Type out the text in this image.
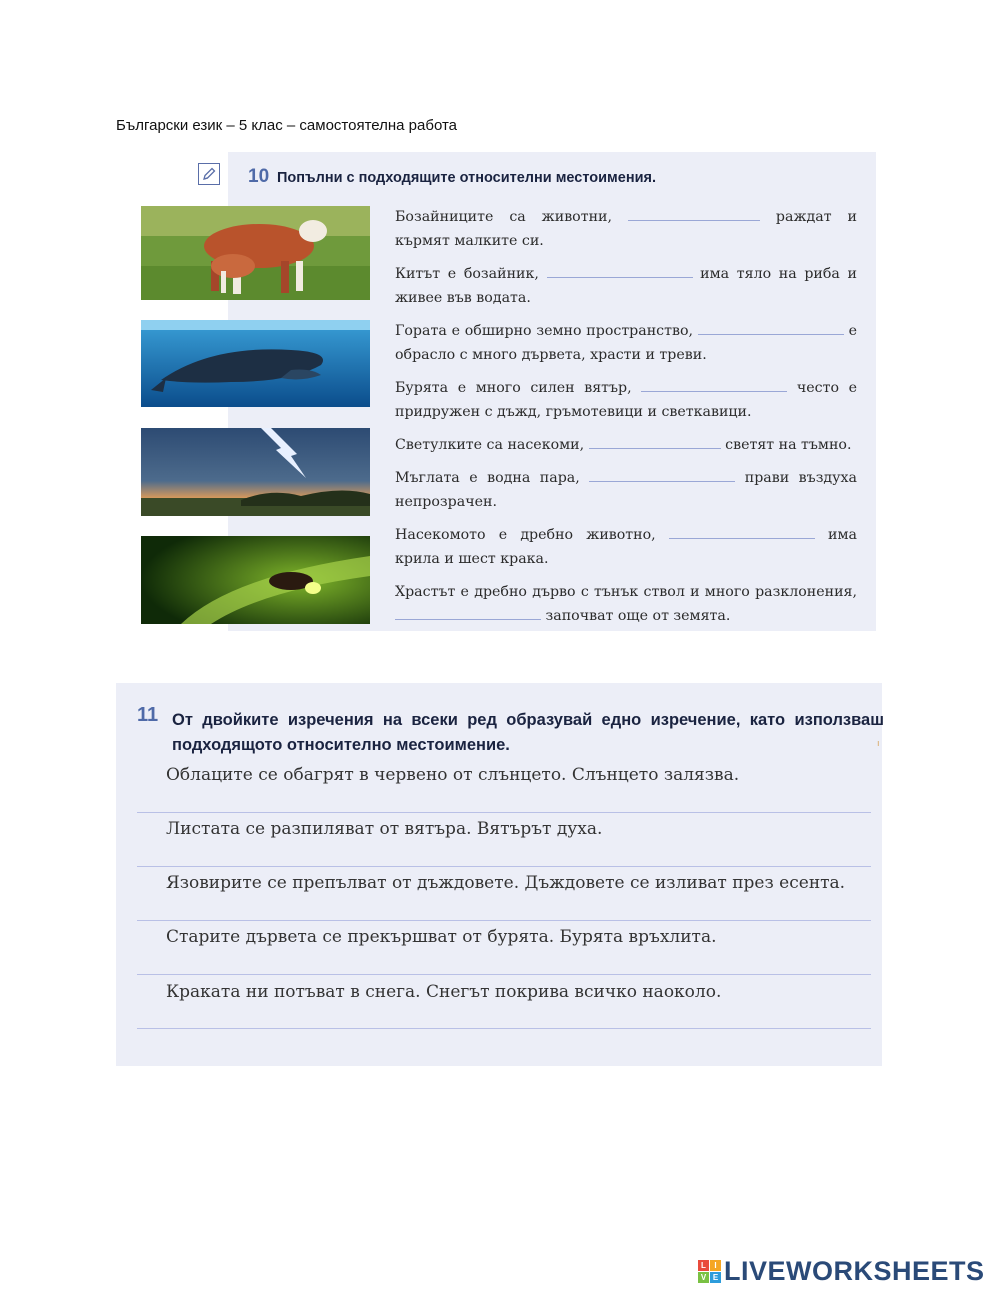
Български език – 5 клас – самостоятелна работа
10 Попълни с подходящите относителни местоимения.
Бозайниците са животни,	раждат и кърмят малките си.
Китът е бозайник,	има тяло на риба и живее във водата.
Гората е обширно земно пространство,	е обрасло с много дървета, храсти и треви.
Бурята е много силен вятър,	често е придружен с дъжд, гръмотевици и светкавици.
Светулките са насекоми,	светят на тъмно.
Мъглата е водна пара,	прави въздуха непрозрачен.
Насекомото е дребно животно,	има крила и шест крака.
Храстът е дребно дърво с тънък ствол и много разклонения,  започват още от земята.
11 От двойките изречения на всеки ред образувай едно изречение, като използваш подходящото относително местоимение.	ı
Облаците се обагрят в червено от слънцето. Слънцето залязва.
Листата се разпиляват от вятъра. Вятърът духа.
Язовирите се препълват от дъждовете. Дъждовете се изливат през есента.
Старите дървета се прекършват от бурята. Бурята връхлита.
Краката ни потъват в снега. Снегът покрива всичко наоколо.
L	I
V E LIVEWORKSHEETS
